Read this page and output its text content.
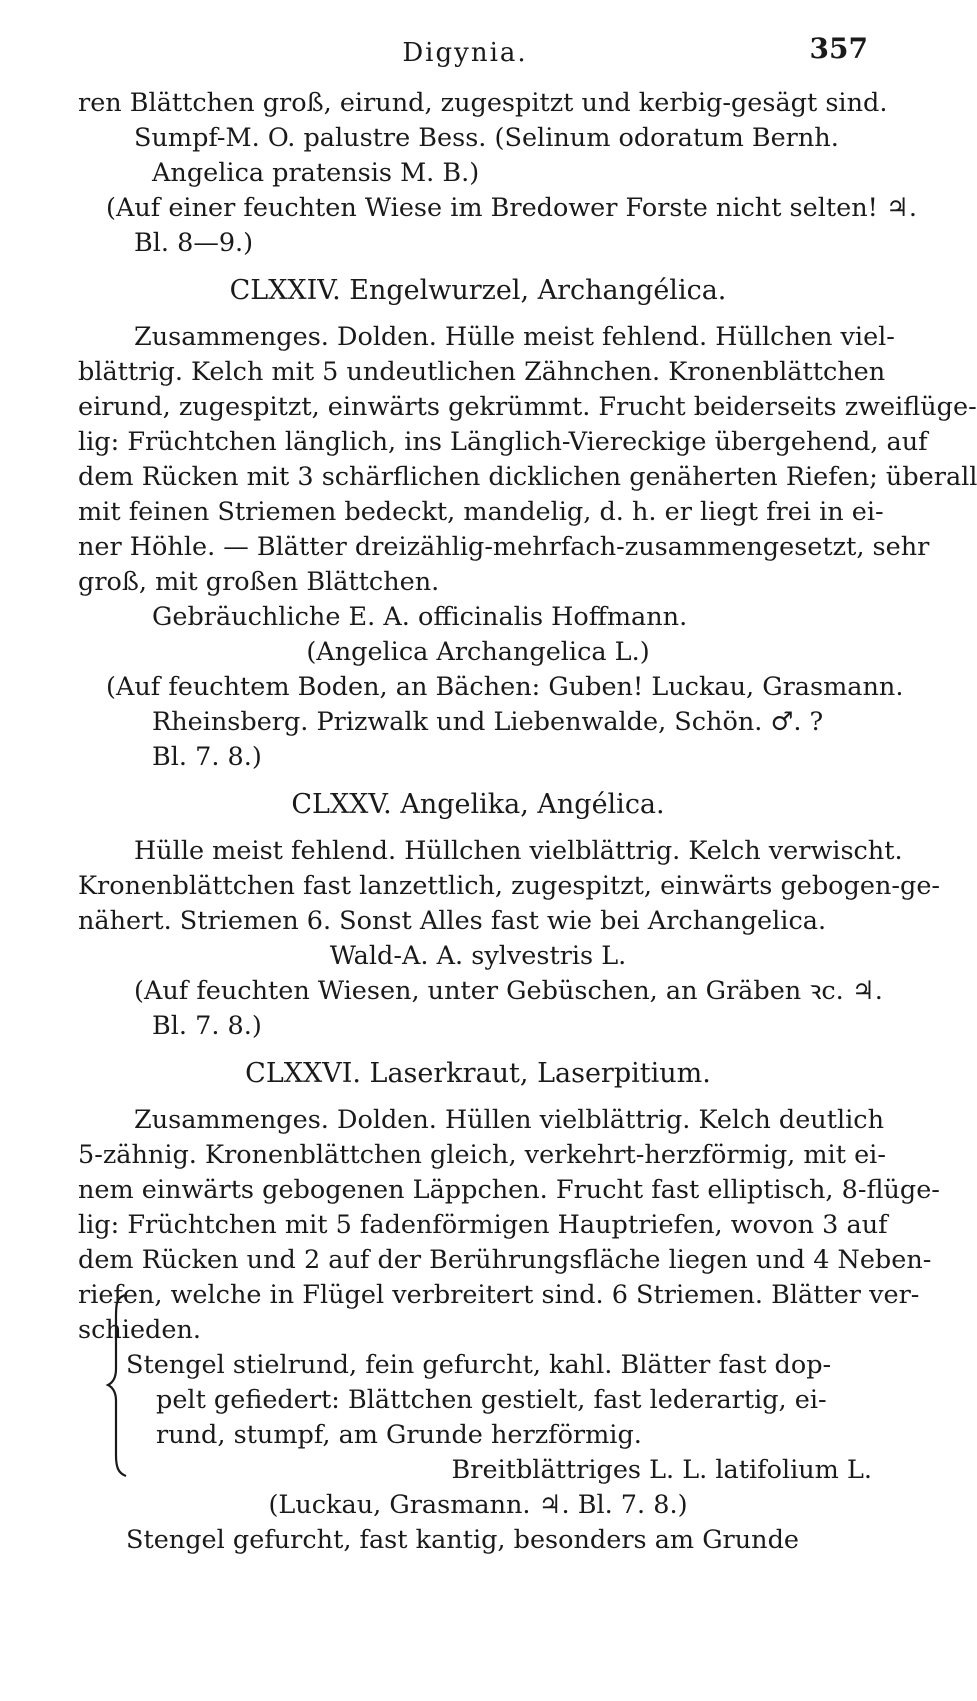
Digynia.	357
ren Blättchen groß, eirund, zugespitzt und kerbig-gesägt sind.
Sumpf-M. O. palustre Bess. (Selinum odoratum Bernh.
Angelica pratensis M. B.)
(Auf einer feuchten Wiese im Bredower Forste nicht selten! ♃.
Bl. 8—9.)
CLXXIV. Engelwurzel, Archangélica.
Zusammenges. Dolden. Hülle meist fehlend. Hüllchen viel-
blättrig. Kelch mit 5 undeutlichen Zähnchen. Kronenblättchen
eirund, zugespitzt, einwärts gekrümmt. Frucht beiderseits zweiflüge-
lig: Früchtchen länglich, ins Länglich-Viereckige übergehend, auf
dem Rücken mit 3 schärflichen dicklichen genäherten Riefen; überall
mit feinen Striemen bedeckt, mandelig, d. h. er liegt frei in ei-
ner Höhle. — Blätter dreizählig-mehrfach-zusammengesetzt, sehr
groß, mit großen Blättchen.
Gebräuchliche E. A. officinalis Hoffmann.
(Angelica Archangelica L.)
(Auf feuchtem Boden, an Bächen: Guben! Luckau, Grasmann.
Rheinsberg. Prizwalk und Liebenwalde, Schön. ♂. ?
Bl. 7. 8.)
CLXXV. Angelika, Angélica.
Hülle meist fehlend. Hüllchen vielblättrig. Kelch verwischt.
Kronenblättchen fast lanzettlich, zugespitzt, einwärts gebogen-ge-
nähert. Striemen 6. Sonst Alles fast wie bei Archangelica.
Wald-A. A. sylvestris L.
(Auf feuchten Wiesen, unter Gebüschen, an Gräben ꝛc. ♃.
Bl. 7. 8.)
CLXXVI. Laserkraut, Laserpitium.
Zusammenges. Dolden. Hüllen vielblättrig. Kelch deutlich
5-zähnig. Kronenblättchen gleich, verkehrt-herzförmig, mit ei-
nem einwärts gebogenen Läppchen. Frucht fast elliptisch, 8-flüge-
lig: Früchtchen mit 5 fadenförmigen Hauptriefen, wovon 3 auf
dem Rücken und 2 auf der Berührungsfläche liegen und 4 Neben-
riefen, welche in Flügel verbreitert sind. 6 Striemen. Blätter ver-
schieden.
Stengel stielrund, fein gefurcht, kahl. Blätter fast dop-
pelt gefiedert: Blättchen gestielt, fast lederartig, ei-
rund, stumpf, am Grunde herzförmig.
Breitblättriges L. L. latifolium L.
(Luckau, Grasmann. ♃. Bl. 7. 8.)
Stengel gefurcht, fast kantig, besonders am Grunde
